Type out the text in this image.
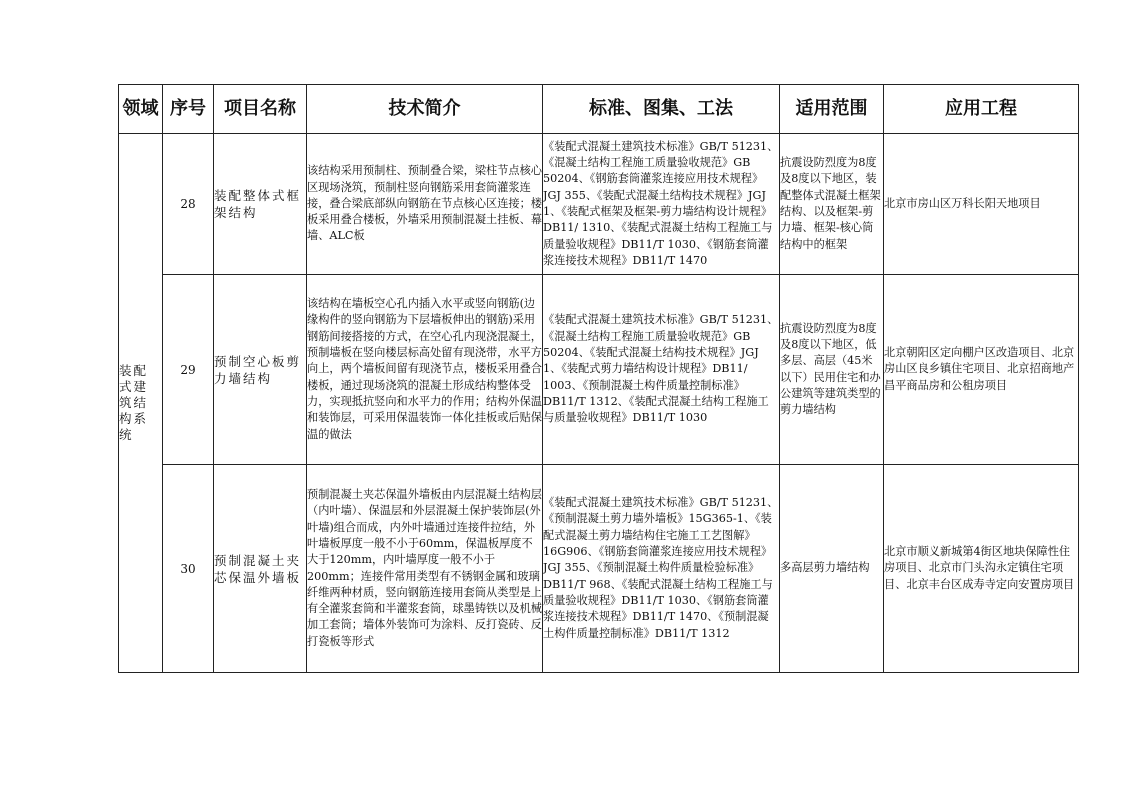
领域	序号	项目名称	技术简介	标准、图集、工法	适用范围	应用工程
装配式建筑结构系统	28	装配整体式框架结构	该结构采用预制柱、预制叠合梁，梁柱节点核心区现场浇筑，预制柱竖向钢筋采用套筒灌浆连接，叠合梁底部纵向钢筋在节点核心区连接；楼板采用叠合楼板，外墙采用预制混凝土挂板、幕墙、ALC板	《装配式混凝土建筑技术标准》GB/T 51231、《混凝土结构工程施工质量验收规范》GB 50204、《钢筋套筒灌浆连接应用技术规程》JGJ 355、《装配式混凝土结构技术规程》JGJ 1、《装配式框架及框架-剪力墙结构设计规程》DB11/ 1310、《装配式混凝土结构工程施工与质量验收规程》DB11/T 1030、《钢筋套筒灌浆连接技术规程》DB11/T 1470	抗震设防烈度为8度及8度以下地区，装配整体式混凝土框架结构、以及框架-剪力墙、框架-核心筒结构中的框架	北京市房山区万科长阳天地项目
	29	预制空心板剪力墙结构	该结构在墙板空心孔内插入水平或竖向钢筋(边缘构件的竖向钢筋为下层墙板伸出的钢筋)采用钢筋间接搭接的方式，在空心孔内现浇混凝土，预制墙板在竖向楼层标高处留有现浇带，水平方向上，两个墙板间留有现浇节点，楼板采用叠合楼板，通过现场浇筑的混凝土形成结构整体受力，实现抵抗竖向和水平力的作用；结构外保温和装饰层，可采用保温装饰一体化挂板或后贴保温的做法	《装配式混凝土建筑技术标准》GB/T 51231、《混凝土结构工程施工质量验收规范》GB 50204、《装配式混凝土结构技术规程》JGJ 1、《装配式剪力墙结构设计规程》DB11/ 1003、《预制混凝土构件质量控制标准》DB11/T 1312、《装配式混凝土结构工程施工与质量验收规程》DB11/T 1030	抗震设防烈度为8度及8度以下地区，低多层、高层（45米以下）民用住宅和办公建筑等建筑类型的剪力墙结构	北京朝阳区定向棚户区改造项目、北京房山区良乡镇住宅项目、北京招商地产昌平商品房和公租房项目
	30	预制混凝土夹芯保温外墙板	预制混凝土夹芯保温外墙板由内层混凝土结构层（内叶墙）、保温层和外层混凝土保护装饰层(外叶墙)组合而成，内外叶墙通过连接件拉结，外叶墙板厚度一般不小于60mm，保温板厚度不大于120mm，内叶墙厚度一般不小于200mm；连接件常用类型有不锈钢金属和玻璃纤维两种材质，竖向钢筋连接用套筒从类型是上有全灌浆套筒和半灌浆套筒，球墨铸铁以及机械加工套筒；墙体外装饰可为涂料、反打瓷砖、反打瓷板等形式	《装配式混凝土建筑技术标准》GB/T 51231、《预制混凝土剪力墙外墙板》15G365-1、《装配式混凝土剪力墙结构住宅施工工艺图解》16G906、《钢筋套筒灌浆连接应用技术规程》JGJ 355、《预制混凝土构件质量检验标准》DB11/T 968、《装配式混凝土结构工程施工与质量验收规程》DB11/T 1030、《钢筋套筒灌浆连接技术规程》DB11/T 1470、《预制混凝土构件质量控制标准》DB11/T 1312	多高层剪力墙结构	北京市顺义新城第4街区地块保障性住房项目、北京市门头沟永定镇住宅项目、北京丰台区成寿寺定向安置房项目
